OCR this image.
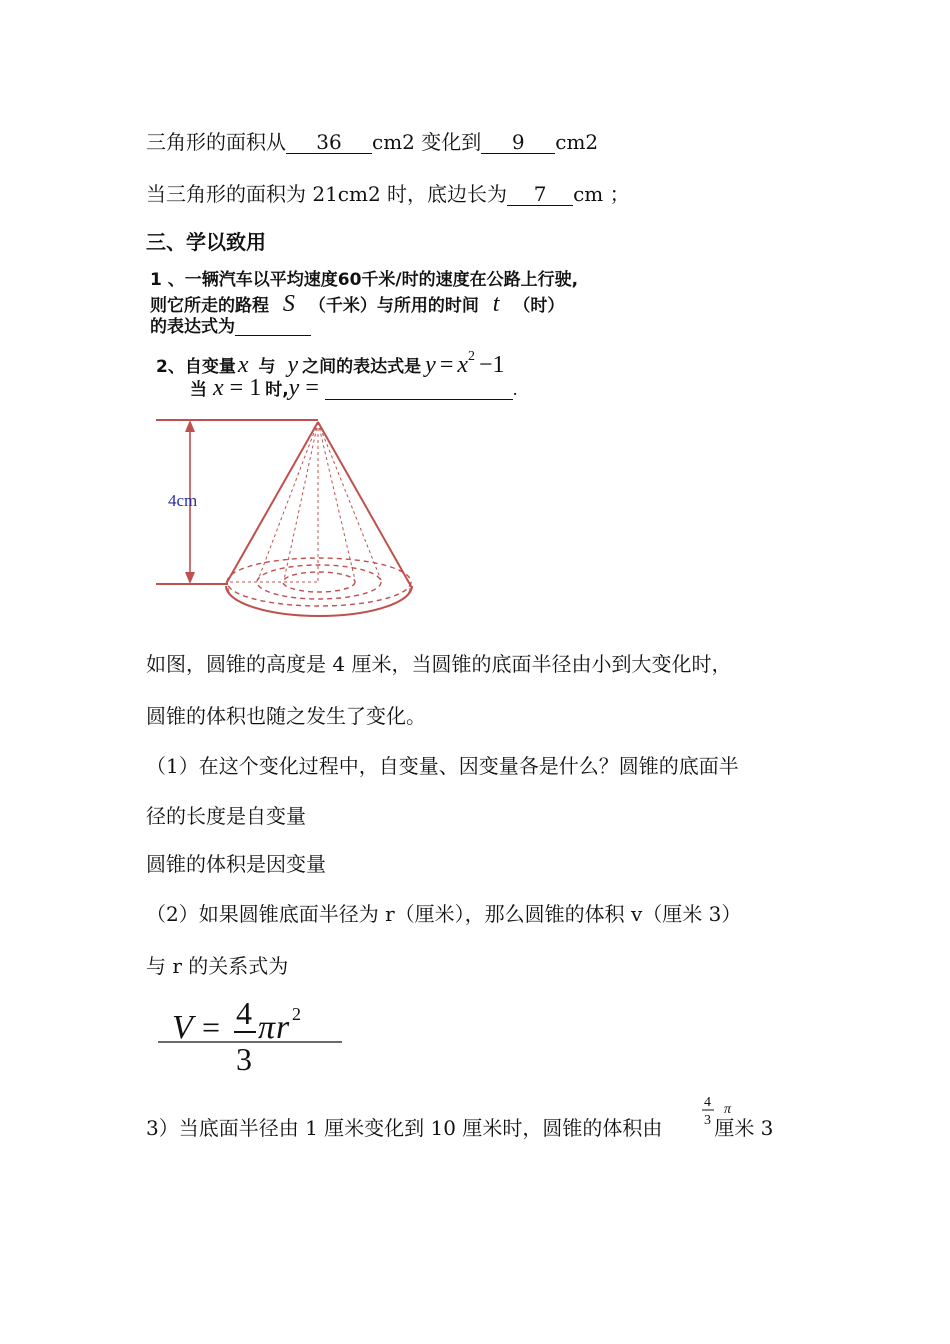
三角形的面积从 36 cm2 变化到 9 cm2
当三角形的面积为 21cm2 时，底边长为 7 cm ；
三、学以致用
1 、一辆汽车以平均速度60千米/时的速度在公路上行驶,
则它所走的路程 S （千米）与所用的时间 t （时）
的表达式为
2、自变量x 与 y 之间的表达式是 $y = x^2 -1$
当 x = 1 时,y =	.
4cm
如图，圆锥的高度是 4 厘米，当圆锥的底面半径由小到大变化时，
圆锥的体积也随之发生了变化。
（1）在这个变化过程中，自变量、因变量各是什么？圆锥的底面半
径的长度是自变量
圆锥的体积是因变量
（2）如果圆锥底面半径为 r（厘米），那么圆锥的体积 v（厘米 3）
与 r 的关系式为
V = 4
3
π r 2
3）当底面半径由 1 厘米变化到 10 厘米时，圆锥的体积由	厘米 3
4
3
π
